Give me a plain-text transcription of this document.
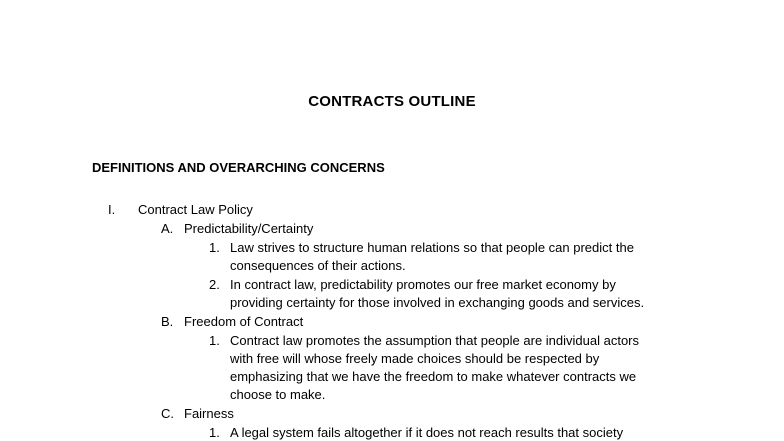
CONTRACTS OUTLINE
DEFINITIONS AND OVERARCHING CONCERNS
I. Contract Law Policy
A. Predictability/Certainty
1. Law strives to structure human relations so that people can predict the
consequences of their actions.
2. In contract law, predictability promotes our free market economy by
providing certainty for those involved in exchanging goods and services.
B. Freedom of Contract
1. Contract law promotes the assumption that people are individual actors
with free will whose freely made choices should be respected by
emphasizing that we have the freedom to make whatever contracts we
choose to make.
C. Fairness
1. A legal system fails altogether if it does not reach results that society
